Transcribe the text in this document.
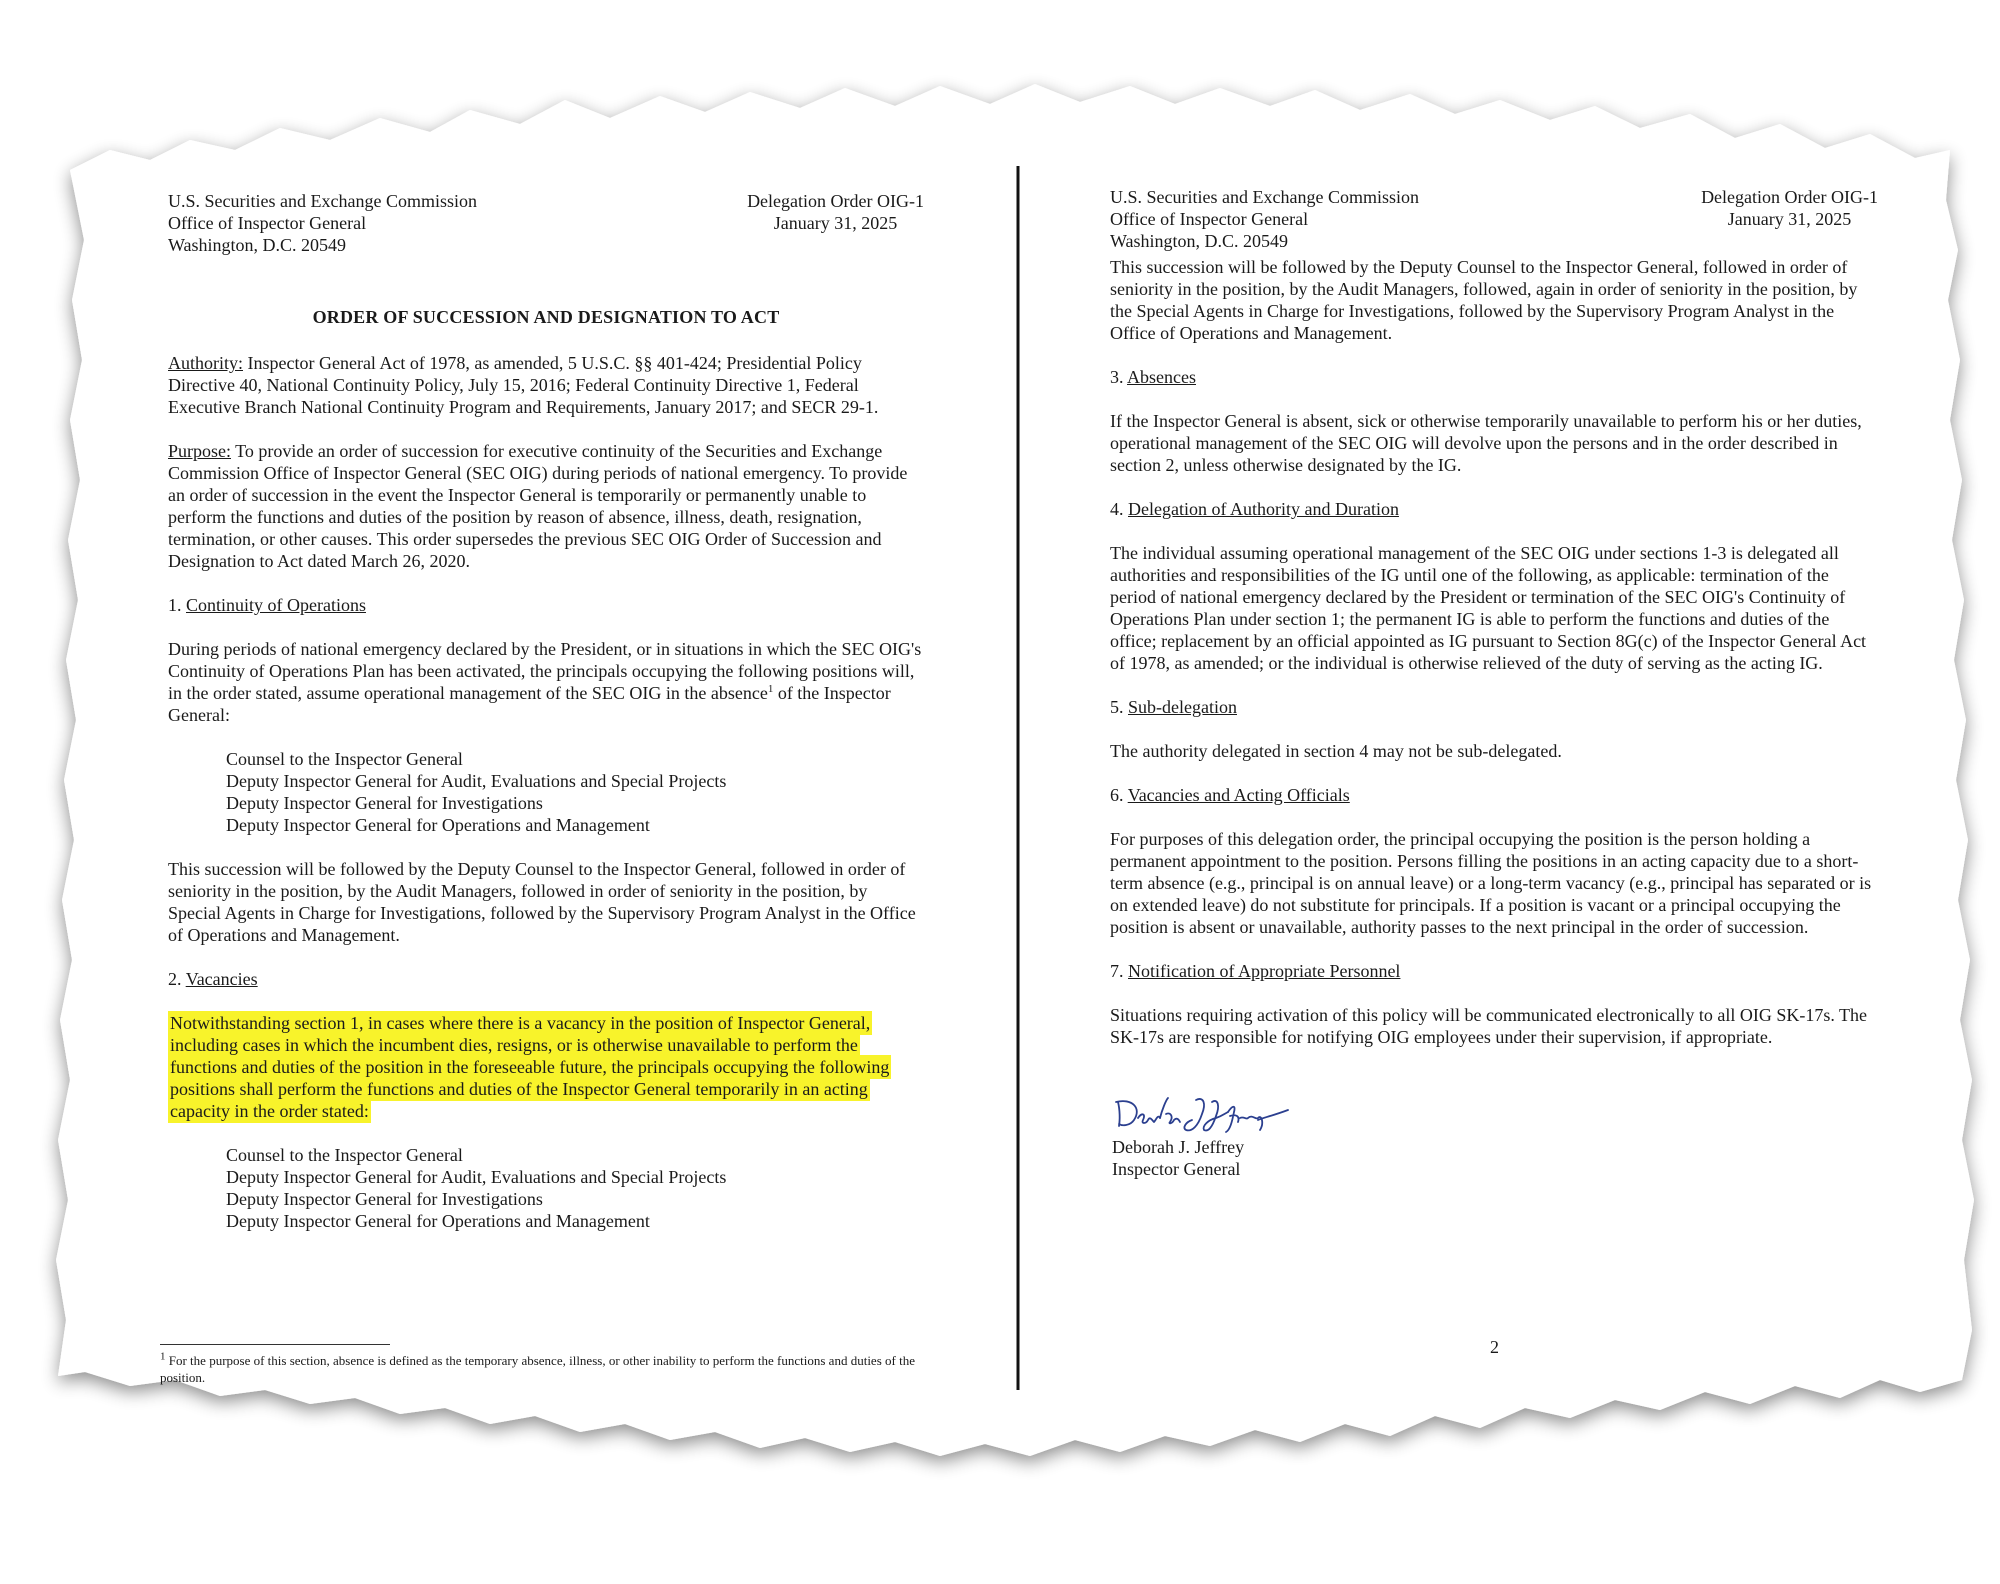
U.S. Securities and Exchange Commission
Office of Inspector General
Washington, D.C. 20549
Delegation Order OIG-1
January 31, 2025
ORDER OF SUCCESSION AND DESIGNATION TO ACT

Authority: Inspector General Act of 1978, as amended, 5 U.S.C. §§ 401-424; Presidential Policy Directive 40, National Continuity Policy, July 15, 2016; Federal Continuity Directive 1, Federal Executive Branch National Continuity Program and Requirements, January 2017; and SECR 29-1.

Purpose: To provide an order of succession for executive continuity of the Securities and Exchange Commission Office of Inspector General (SEC OIG) during periods of national emergency. To provide an order of succession in the event the Inspector General is temporarily or permanently unable to perform the functions and duties of the position by reason of absence, illness, death, resignation, termination, or other causes. This order supersedes the previous SEC OIG Order of Succession and Designation to Act dated March 26, 2020.

1. Continuity of Operations

During periods of national emergency declared by the President, or in situations in which the SEC OIG's Continuity of Operations Plan has been activated, the principals occupying the following positions will, in the order stated, assume operational management of the SEC OIG in the absence$^1$ of the Inspector General:

Counsel to the Inspector General
Deputy Inspector General for Audit, Evaluations and Special Projects
Deputy Inspector General for Investigations
Deputy Inspector General for Operations and Management

This succession will be followed by the Deputy Counsel to the Inspector General, followed in order of seniority in the position, by the Audit Managers, followed in order of seniority in the position, by Special Agents in Charge for Investigations, followed by the Supervisory Program Analyst in the Office of Operations and Management.

2. Vacancies

Notwithstanding section 1, in cases where there is a vacancy in the position of Inspector General, including cases in which the incumbent dies, resigns, or is otherwise unavailable to perform the functions and duties of the position in the foreseeable future, the principals occupying the following positions shall perform the functions and duties of the Inspector General temporarily in an acting capacity in the order stated:

Counsel to the Inspector General
Deputy Inspector General for Audit, Evaluations and Special Projects
Deputy Inspector General for Investigations
Deputy Inspector General for Operations and Management
$^1$ For the purpose of this section, absence is defined as the temporary absence, illness, or other inability to perform the functions and duties of the position.
U.S. Securities and Exchange Commission
Office of Inspector General
Washington, D.C. 20549
Delegation Order OIG-1
January 31, 2025

This succession will be followed by the Deputy Counsel to the Inspector General, followed in order of seniority in the position, by the Audit Managers, followed, again in order of seniority in the position, by the Special Agents in Charge for Investigations, followed by the Supervisory Program Analyst in the Office of Operations and Management.

3. Absences

If the Inspector General is absent, sick or otherwise temporarily unavailable to perform his or her duties, operational management of the SEC OIG will devolve upon the persons and in the order described in section 2, unless otherwise designated by the IG.

4. Delegation of Authority and Duration

The individual assuming operational management of the SEC OIG under sections 1-3 is delegated all authorities and responsibilities of the IG until one of the following, as applicable: termination of the period of national emergency declared by the President or termination of the SEC OIG's Continuity of Operations Plan under section 1; the permanent IG is able to perform the functions and duties of the office; replacement by an official appointed as IG pursuant to Section 8G(c) of the Inspector General Act of 1978, as amended; or the individual is otherwise relieved of the duty of serving as the acting IG.

5. Sub-delegation

The authority delegated in section 4 may not be sub-delegated.

6. Vacancies and Acting Officials

For purposes of this delegation order, the principal occupying the position is the person holding a permanent appointment to the position. Persons filling the positions in an acting capacity due to a short-term absence (e.g., principal is on annual leave) or a long-term vacancy (e.g., principal has separated or is on extended leave) do not substitute for principals. If a position is vacant or a principal occupying the position is absent or unavailable, authority passes to the next principal in the order of succession.

7. Notification of Appropriate Personnel

Situations requiring activation of this policy will be communicated electronically to all OIG SK-17s. The SK-17s are responsible for notifying OIG employees under their supervision, if appropriate.

Deborah J. Jeffrey
Inspector General
2
